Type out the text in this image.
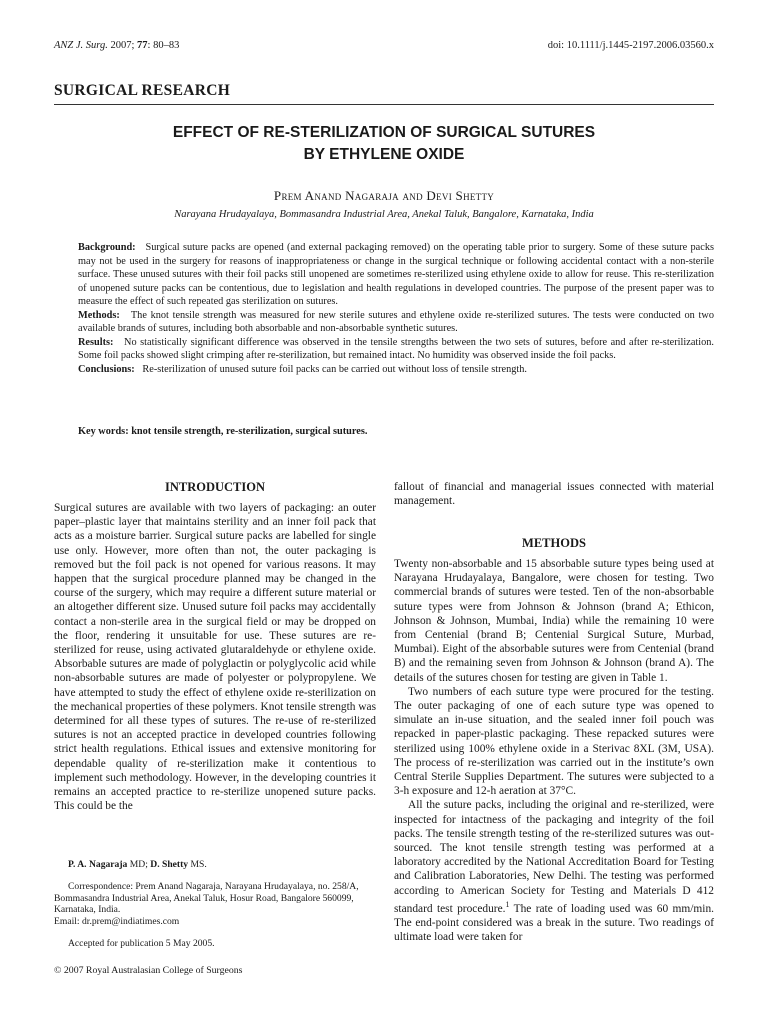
ANZ J. Surg. 2007; 77: 80–83	doi: 10.1111/j.1445-2197.2006.03560.x
SURGICAL RESEARCH
EFFECT OF RE-STERILIZATION OF SURGICAL SUTURES
BY ETHYLENE OXIDE
Prem Anand Nagaraja and Devi Shetty
Narayana Hrudayalaya, Bommasandra Industrial Area, Anekal Taluk, Bangalore, Karnataka, India

Background: Surgical suture packs are opened (and external packaging removed) on the operating table prior to surgery. Some of these suture packs may not be used in the surgery for reasons of inappropriateness or change in the surgical technique or following accidental contact with a non-sterile surface. These unused sutures with their foil packs still unopened are sometimes re-sterilized using ethylene oxide to allow for reuse. This re-sterilization of unopened suture packs can be contentious, due to legislation and health regulations in developed countries. The purpose of the present paper was to measure the effect of such repeated gas sterilization on sutures.

Methods: The knot tensile strength was measured for new sterile sutures and ethylene oxide re-sterilized sutures. The tests were conducted on two available brands of sutures, including both absorbable and non-absorbable synthetic sutures.

Results: No statistically significant difference was observed in the tensile strengths between the two sets of sutures, before and after re-sterilization. Some foil packs showed slight crimping after re-sterilization, but remained intact. No humidity was observed inside the foil packs.

Conclusions: Re-sterilization of unused suture foil packs can be carried out without loss of tensile strength.

Key words: knot tensile strength, re-sterilization, surgical sutures.
INTRODUCTION

Surgical sutures are available with two layers of packaging: an outer paper–plastic layer that maintains sterility and an inner foil pack that acts as a moisture barrier. Surgical suture packs are labelled for single use only. However, more often than not, the outer packaging is removed but the foil pack is not opened for various reasons. It may happen that the surgical procedure planned may be changed in the course of the surgery, which may require a different suture material or an altogether different size. Unused suture foil packs may accidentally contact a non-sterile area in the surgical field or may be dropped on the floor, rendering it unsuitable for use. These sutures are re-sterilized for reuse, using activated glutaraldehyde or ethylene oxide. Absorbable sutures are made of polyglactin or polyglycolic acid while non-absorbable sutures are made of polyester or polypropylene. We have attempted to study the effect of ethylene oxide re-sterilization on the mechanical properties of these polymers. Knot tensile strength was determined for all these types of sutures. The re-use of re-sterilized sutures is not an accepted practice in developed countries following strict health regulations. Ethical issues and extensive monitoring for dependable quality of re-sterilization make it contentious to implement such methodology. However, in the developing countries it remains an accepted practice to re-sterilize unopened suture packs. This could be the

fallout of financial and managerial issues connected with material management.

METHODS

Twenty non-absorbable and 15 absorbable suture types being used at Narayana Hrudayalaya, Bangalore, were chosen for testing. Two commercial brands of sutures were tested. Ten of the non-absorbable suture types were from Johnson & Johnson (brand A; Ethicon, Johnson & Johnson, Mumbai, India) while the remaining 10 were from Centenial (brand B; Centenial Surgical Suture, Murbad, Mumbai). Eight of the absorbable sutures were from Centenial (brand B) and the remaining seven from Johnson & Johnson (brand A). The details of the sutures chosen for testing are given in Table 1.

Two numbers of each suture type were procured for the testing. The outer packaging of one of each suture type was opened to simulate an in-use situation, and the sealed inner foil pouch was repacked in paper-plastic packaging. These repacked sutures were sterilized using 100% ethylene oxide in a Sterivac 8XL (3M, USA). The process of re-sterilization was carried out in the institute’s own Central Sterile Supplies Department. The sutures were subjected to a 3-h exposure and 12-h aeration at 37°C.

All the suture packs, including the original and re-sterilized, were inspected for intactness of the packaging and integrity of the foil packs. The tensile strength testing of the re-sterilized sutures was out-sourced. The knot tensile strength testing was performed at a laboratory accredited by the National Accreditation Board for Testing and Calibration Laboratories, New Delhi. The testing was performed according to American Society for Testing and Materials D 412 standard test procedure.$^1$ The rate of loading used was 60 mm/min. The end-point considered was a break in the suture. Two readings of ultimate load were taken for

P. A. Nagaraja MD; D. Shetty MS.

Correspondence: Prem Anand Nagaraja, Narayana Hrudayalaya, no. 258/A, Bommasandra Industrial Area, Anekal Taluk, Hosur Road, Bangalore 560099, Karnataka, India.

Email: dr.prem@indiatimes.com

Accepted for publication 5 May 2005.

© 2007 Royal Australasian College of Surgeons
